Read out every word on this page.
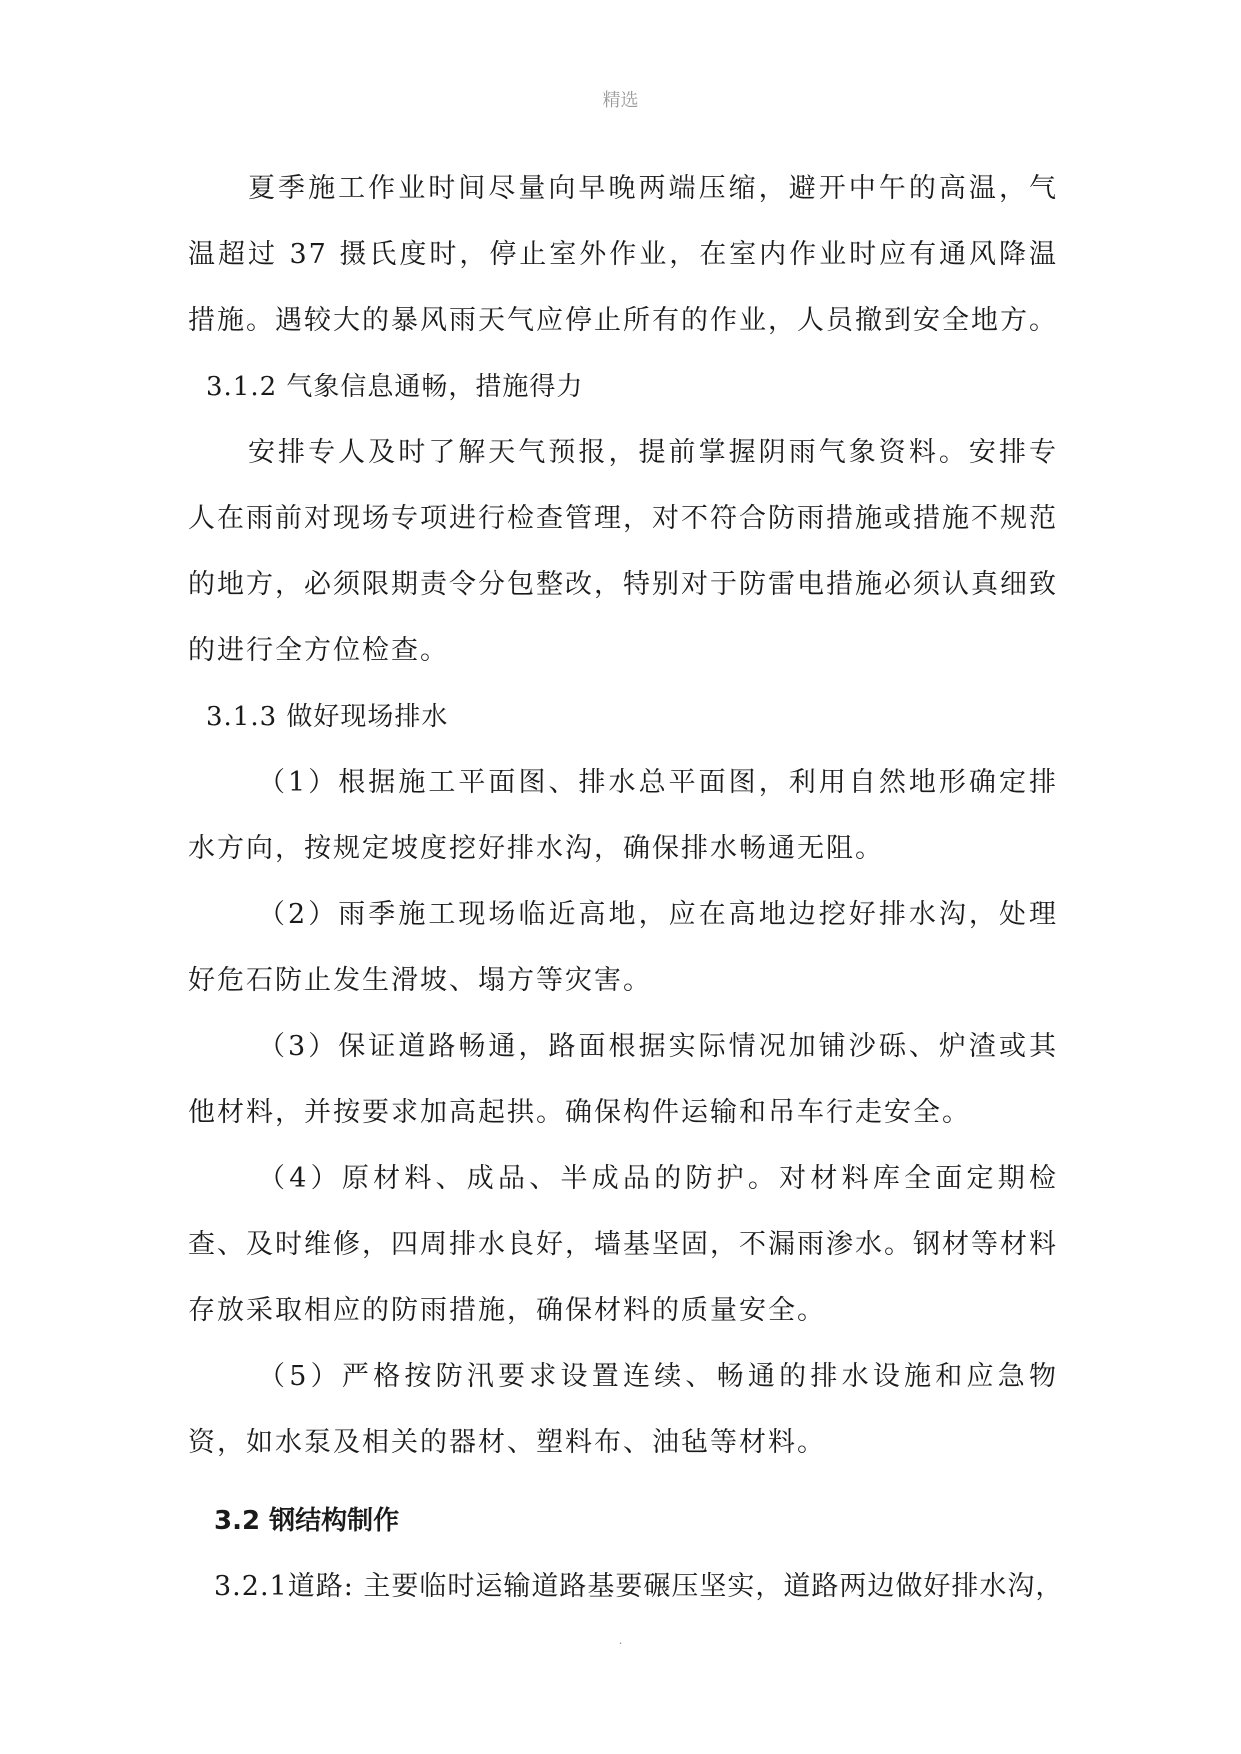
精选

夏季施工作业时间尽量向早晚两端压缩，避开中午的高温，气温超过 37 摄氏度时，停止室外作业，在室内作业时应有通风降温措施。遇较大的暴风雨天气应停止所有的作业，人员撤到安全地方。

3.1.2 气象信息通畅，措施得力

安排专人及时了解天气预报，提前掌握阴雨气象资料。安排专人在雨前对现场专项进行检查管理，对不符合防雨措施或措施不规范的地方，必须限期责令分包整改，特别对于防雷电措施必须认真细致的进行全方位检查。

3.1.3 做好现场排水

（1）根据施工平面图、排水总平面图，利用自然地形确定排水方向，按规定坡度挖好排水沟，确保排水畅通无阻。

（2）雨季施工现场临近高地，应在高地边挖好排水沟，处理好危石防止发生滑坡、塌方等灾害。

（3）保证道路畅通，路面根据实际情况加铺沙砾、炉渣或其他材料，并按要求加高起拱。确保构件运输和吊车行走安全。

（4）原材料、成品、半成品的防护。对材料库全面定期检查、及时维修，四周排水良好，墙基坚固，不漏雨渗水。钢材等材料存放采取相应的防雨措施，确保材料的质量安全。

（5）严格按防汛要求设置连续、畅通的排水设施和应急物资，如水泵及相关的器材、塑料布、油毡等材料。

3.2 钢结构制作

3.2.1道路: 主要临时运输道路基要碾压坚实，道路两边做好排水沟，

.
